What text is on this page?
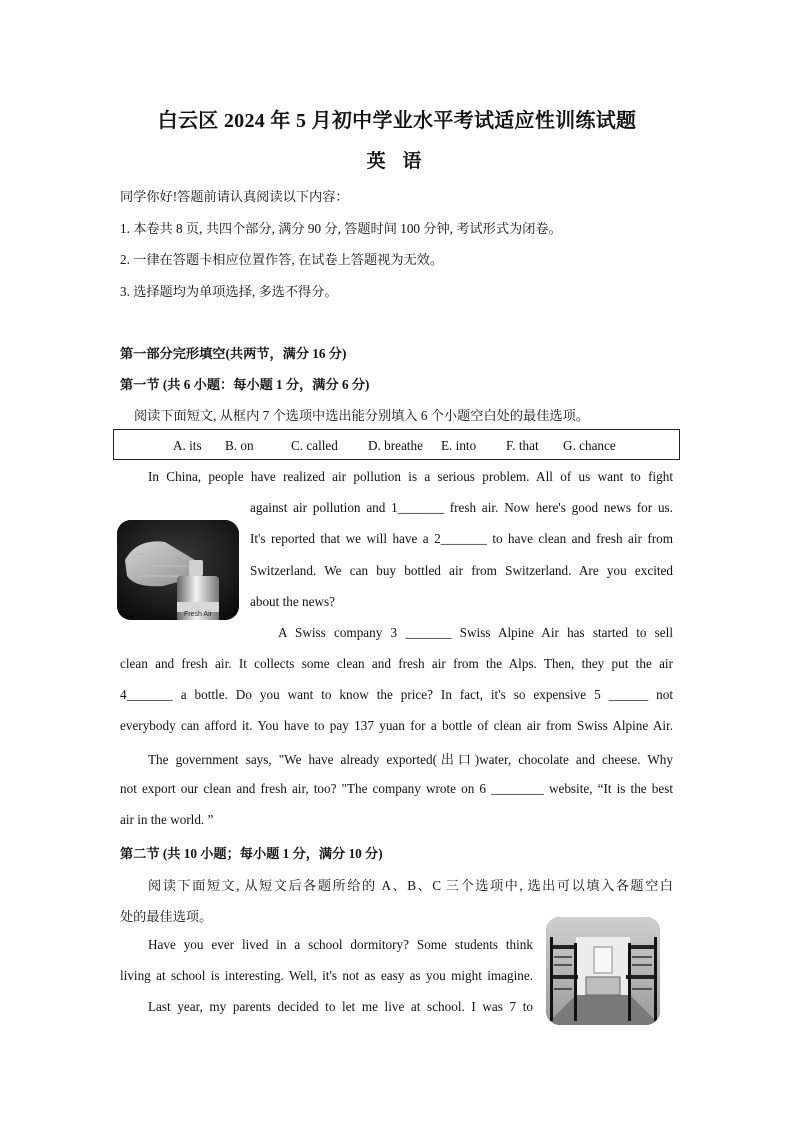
白云区 2024 年 5 月初中学业水平考试适应性训练试题
英 语
同学你好!答题前请认真阅读以下内容：
1. 本卷共 8 页, 共四个部分, 满分 90 分, 答题时间 100 分钟, 考试形式为闭卷。
2. 一律在答题卡相应位置作答, 在试卷上答题视为无效。
3. 选择题均为单项选择, 多选不得分。
第一部分完形填空(共两节，满分 16 分)
第一节 (共 6 小题：每小题 1 分，满分 6 分)
阅读下面短文, 从框内 7 个选项中选出能分别填入 6 个小题空白处的最佳选项。
A. its B. on	C. called D. breathe E. into F. that G. chance
In China, people have realized air pollution is a serious problem. All of us want to fight
against air pollution and 1_______ fresh air. Now here's good news for us.
It's reported that we will have a 2_______ to have clean and fresh air from
Switzerland. We can buy bottled air from Switzerland. Are you excited
about the news?
A Swiss company 3 _______ Swiss Alpine Air has started to sell
clean and fresh air. It collects some clean and fresh air from the Alps. Then, they put the air
4_______ a bottle. Do you want to know the price? In fact, it's so expensive 5 ______ not
everybody can afford it. You have to pay 137 yuan for a bottle of clean air from Swiss Alpine Air.
The government says, "We have already exported(出口)water, chocolate and cheese. Why
not export our clean and fresh air, too? "The company wrote on 6 ________ website, “It is the best
air in the world. ”
Fresh Air
第二节 (共 10 小题；每小题 1 分，满分 10 分)
阅读下面短文, 从短文后各题所给的 A、B、C 三个选项中, 选出可以填入各题空白
处的最佳选项。
Have you ever lived in a school dormitory? Some students think
living at school is interesting. Well, it's not as easy as you might imagine.
Last year, my parents decided to let me live at school. I was 7 to
